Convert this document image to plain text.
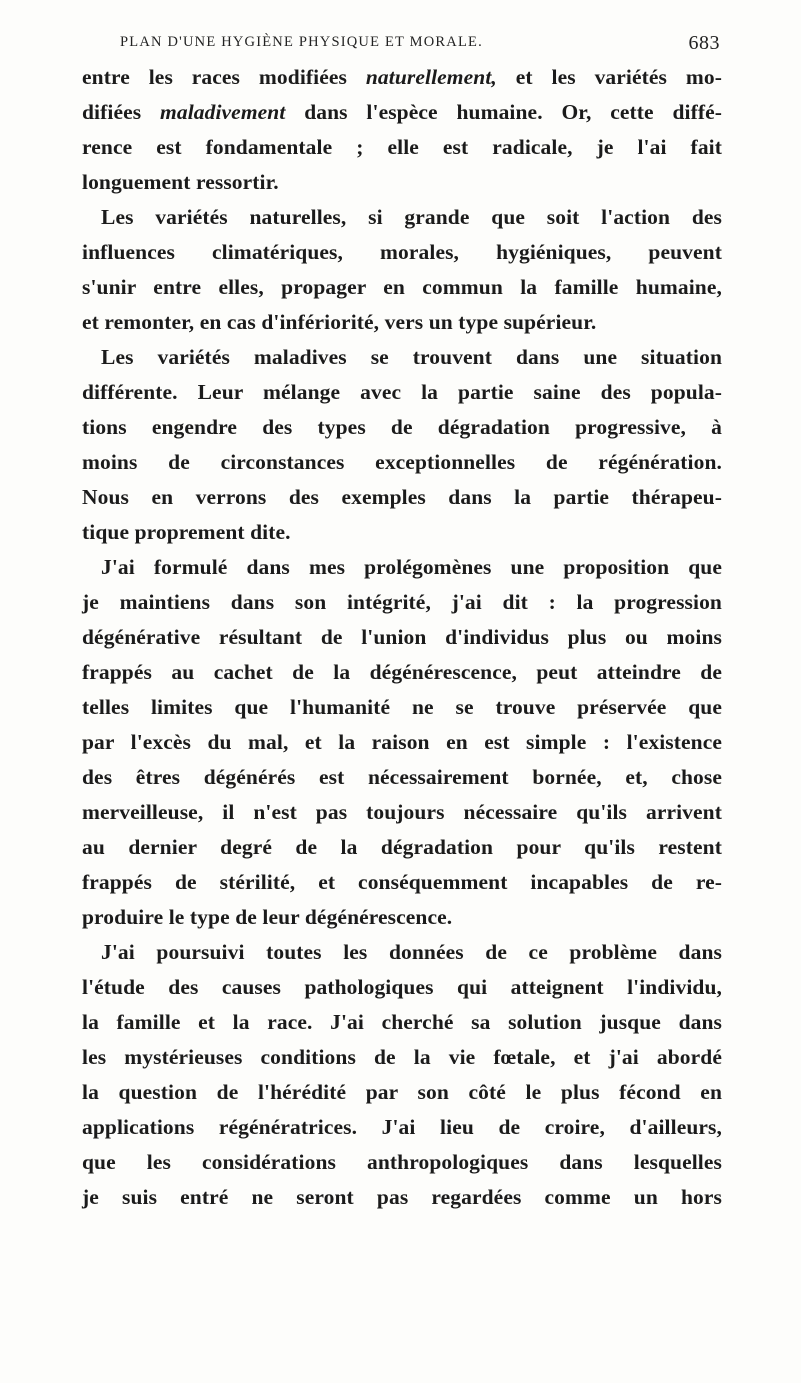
PLAN D'UNE HYGIÈNE PHYSIQUE ET MORALE.	683
entre les races modifiées naturellement, et les variétés mo-
difiées maladivement dans l'espèce humaine. Or, cette diffé-
rence est fondamentale ; elle est radicale, je l'ai fait
longuement ressortir.
Les variétés naturelles, si grande que soit l'action des
influences climatériques, morales, hygiéniques, peuvent
s'unir entre elles, propager en commun la famille humaine,
et remonter, en cas d'infériorité, vers un type supérieur.
Les variétés maladives se trouvent dans une situation
différente. Leur mélange avec la partie saine des popula-
tions engendre des types de dégradation progressive, à
moins de circonstances exceptionnelles de régénération.
Nous en verrons des exemples dans la partie thérapeu-
tique proprement dite.
J'ai formulé dans mes prolégomènes une proposition que
je maintiens dans son intégrité, j'ai dit : la progression
dégénérative résultant de l'union d'individus plus ou moins
frappés au cachet de la dégénérescence, peut atteindre de
telles limites que l'humanité ne se trouve préservée que
par l'excès du mal, et la raison en est simple : l'existence
des êtres dégénérés est nécessairement bornée, et, chose
merveilleuse, il n'est pas toujours nécessaire qu'ils arrivent
au dernier degré de la dégradation pour qu'ils restent
frappés de stérilité, et conséquemment incapables de re-
produire le type de leur dégénérescence.
J'ai poursuivi toutes les données de ce problème dans
l'étude des causes pathologiques qui atteignent l'individu,
la famille et la race. J'ai cherché sa solution jusque dans
les mystérieuses conditions de la vie fœtale, et j'ai abordé
la question de l'hérédité par son côté le plus fécond en
applications régénératrices. J'ai lieu de croire, d'ailleurs,
que les considérations anthropologiques dans lesquelles
je suis entré ne seront pas regardées comme un hors
